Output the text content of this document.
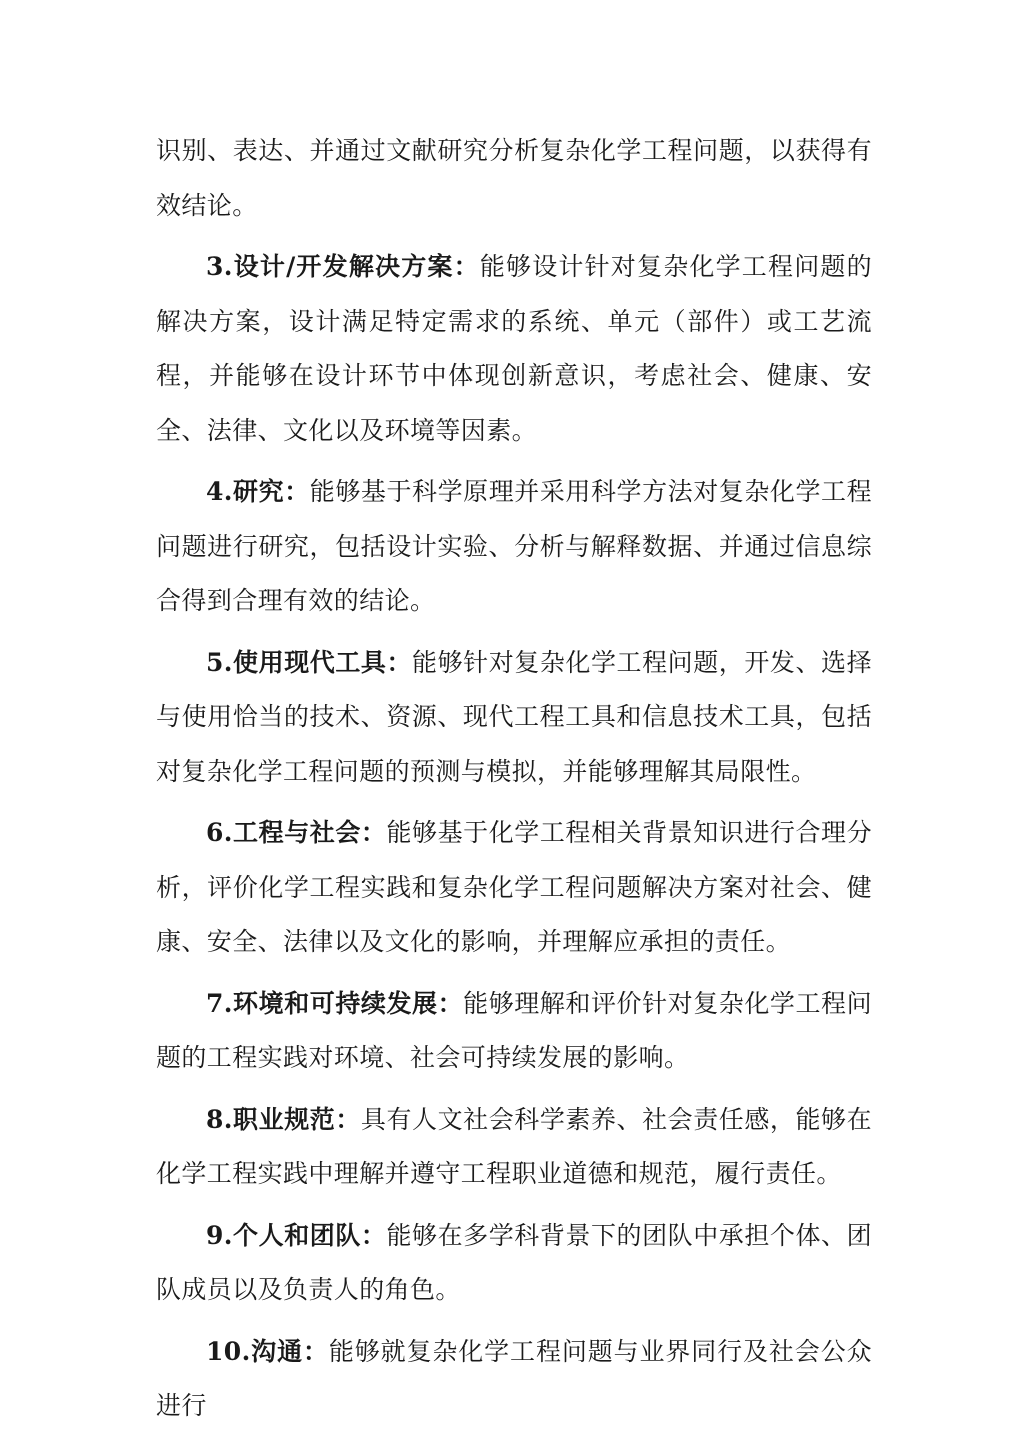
识别、表达、并通过文献研究分析复杂化学工程问题，以获得有效结论。

3.设计/开发解决方案：能够设计针对复杂化学工程问题的解决方案，设计满足特定需求的系统、单元（部件）或工艺流程，并能够在设计环节中体现创新意识，考虑社会、健康、安全、法律、文化以及环境等因素。

4.研究：能够基于科学原理并采用科学方法对复杂化学工程问题进行研究，包括设计实验、分析与解释数据、并通过信息综合得到合理有效的结论。

5.使用现代工具：能够针对复杂化学工程问题，开发、选择与使用恰当的技术、资源、现代工程工具和信息技术工具，包括对复杂化学工程问题的预测与模拟，并能够理解其局限性。

6.工程与社会：能够基于化学工程相关背景知识进行合理分析，评价化学工程实践和复杂化学工程问题解决方案对社会、健康、安全、法律以及文化的影响，并理解应承担的责任。

7.环境和可持续发展：能够理解和评价针对复杂化学工程问题的工程实践对环境、社会可持续发展的影响。

8.职业规范：具有人文社会科学素养、社会责任感，能够在化学工程实践中理解并遵守工程职业道德和规范，履行责任。

9.个人和团队：能够在多学科背景下的团队中承担个体、团队成员以及负责人的角色。

10.沟通：能够就复杂化学工程问题与业界同行及社会公众进行
